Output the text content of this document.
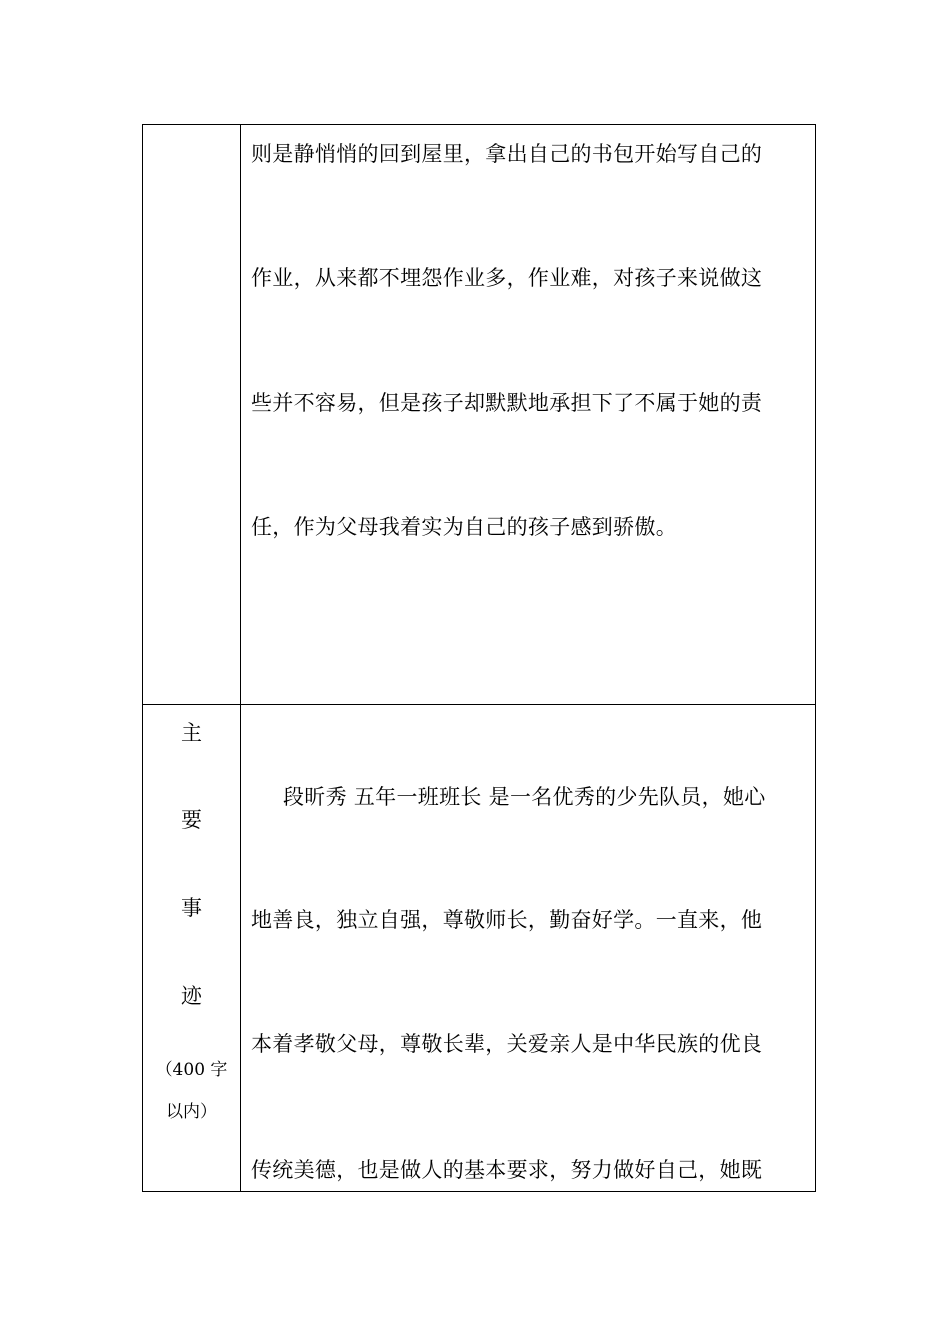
则是静悄悄的回到屋里，拿出自己的书包开始写自己的
作业，从来都不埋怨作业多，作业难，对孩子来说做这
些并不容易，但是孩子却默默地承担下了不属于她的责
任，作为父母我着实为自己的孩子感到骄傲。
主
要
事
迹
（400 字
以内）
段昕秀 五年一班班长 是一名优秀的少先队员，她心
地善良，独立自强，尊敬师长，勤奋好学。一直来，他
本着孝敬父母，尊敬长辈，关爱亲人是中华民族的优良
传统美德，也是做人的基本要求，努力做好自己，她既
